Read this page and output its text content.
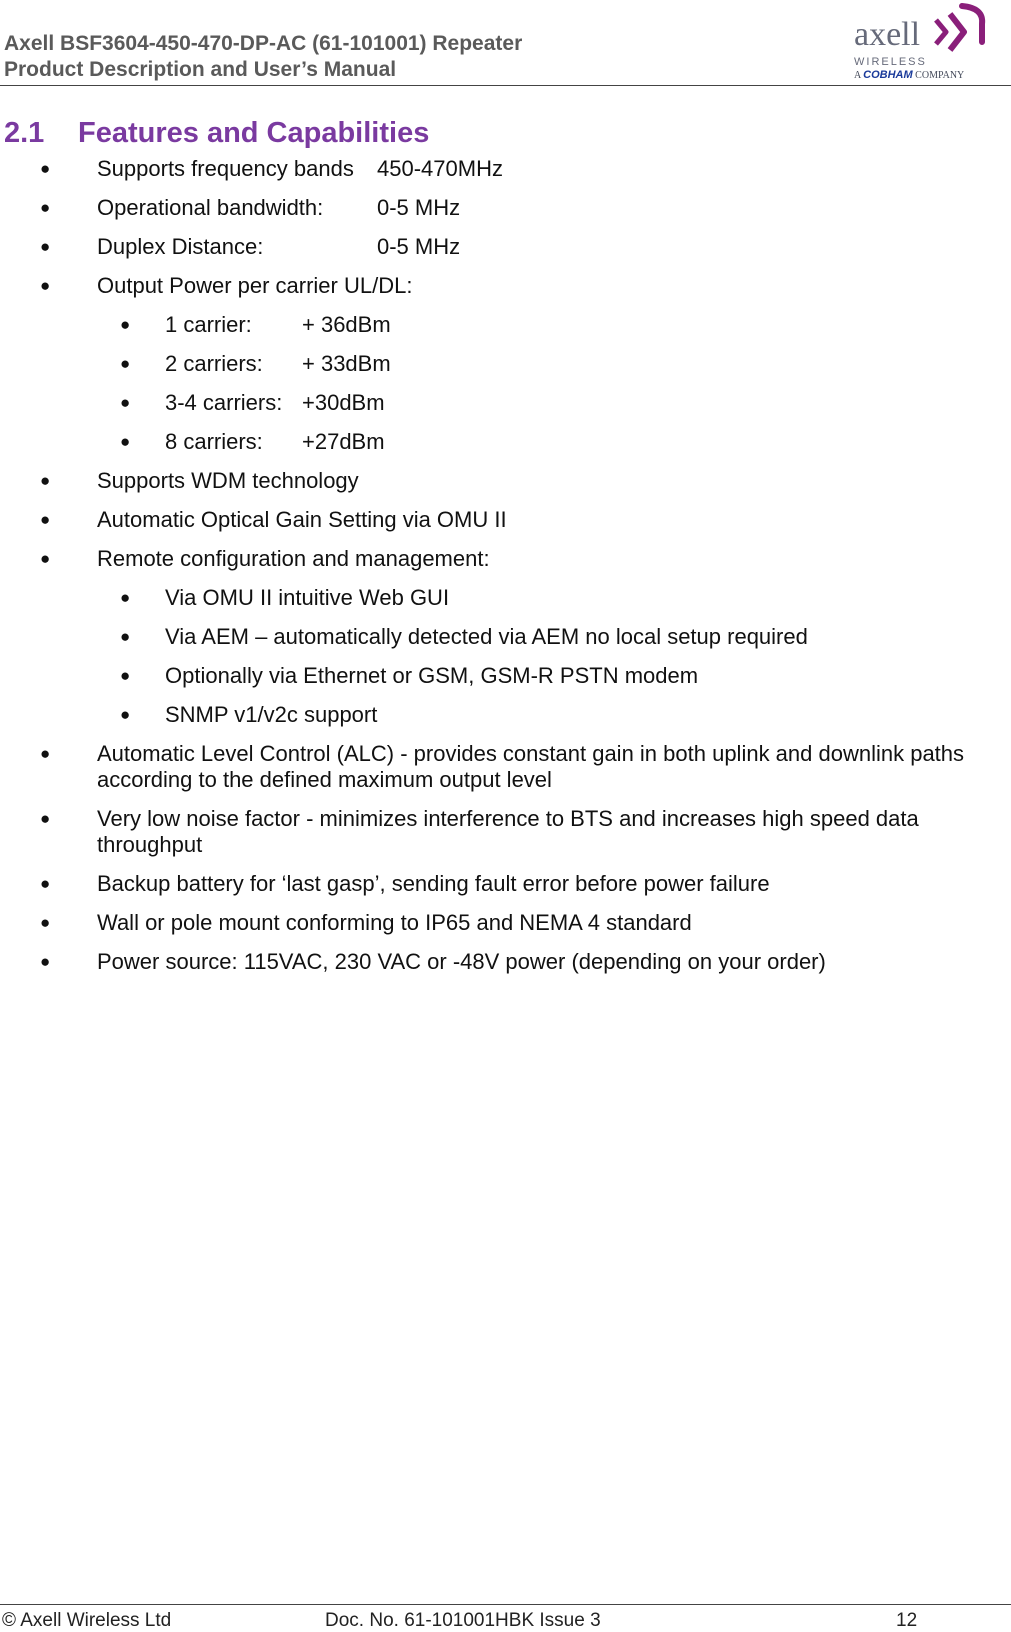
Axell BSF3604-450-470-DP-AC (61-101001) Repeater
Product Description and User’s Manual
axell
WIRELESS
A COBHAM COMPANY
2.1 Features and Capabilities
● Supports frequency bands 450-470MHz
● Operational bandwidth: 0-5 MHz
● Duplex Distance:	0-5 MHz
● Output Power per carrier UL/DL:
● 1 carrier: + 36dBm
● 2 carriers: + 33dBm
● 3-4 carriers: +30dBm
● 8 carriers: +27dBm
● Supports WDM technology
● Automatic Optical Gain Setting via OMU II
● Remote configuration and management:
● Via OMU II intuitive Web GUI
● Via AEM – automatically detected via AEM no local setup required
● Optionally via Ethernet or GSM, GSM-R PSTN modem
● SNMP v1/v2c support
● Automatic Level Control (ALC) - provides constant gain in both uplink and downlink paths according to the defined maximum output level
● Very low noise factor - minimizes interference to BTS and increases high speed data throughput
● Backup battery for ‘last gasp’, sending fault error before power failure
● Wall or pole mount conforming to IP65 and NEMA 4 standard
● Power source: 115VAC, 230 VAC or -48V power (depending on your order)
© Axell Wireless Ltd	Doc. No. 61-101001HBK Issue 3	12
